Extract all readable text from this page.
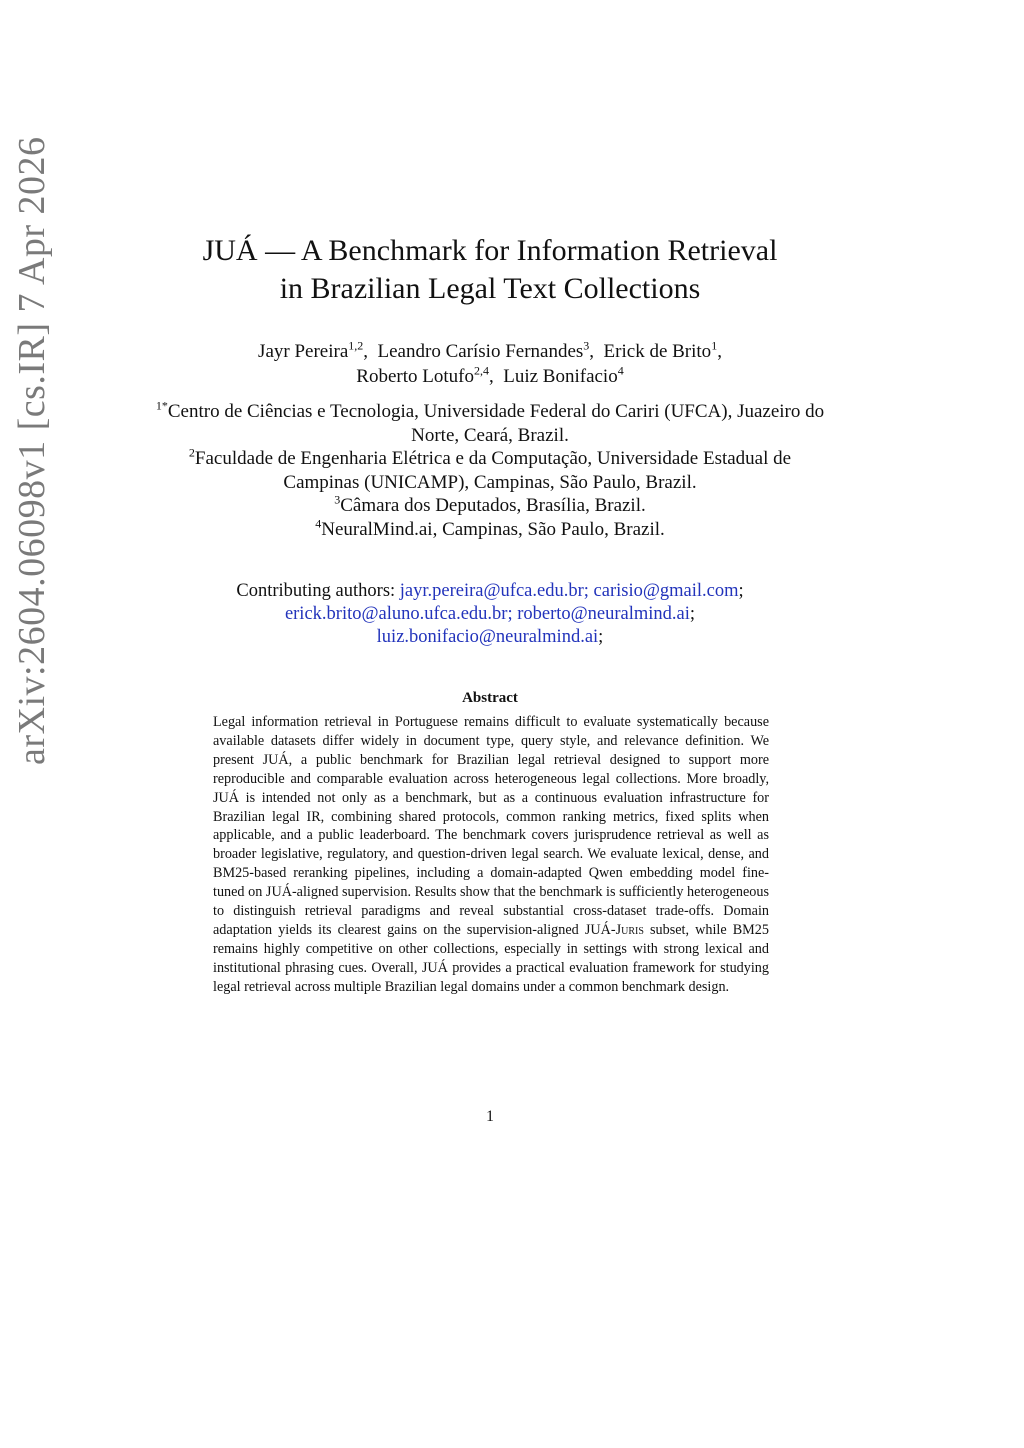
arXiv:2604.06098v1 [cs.IR] 7 Apr 2026	JUÁ — A Benchmark for Information Retrieval
in Brazilian Legal Text Collections
Jayr Pereira$^{1,2}$,  Leandro Carísio Fernandes$^3$,  Erick de Brito$^1$,
Roberto Lotufo$^{2,4}$,  Luiz Bonifacio$^4$
$^{1*}$Centro de Ciências e Tecnologia, Universidade Federal do Cariri (UFCA), Juazeiro do Norte, Ceará, Brazil.
$^2$Faculdade de Engenharia Elétrica e da Computação, Universidade Estadual de Campinas (UNICAMP), Campinas, São Paulo, Brazil.
$^3$Câmara dos Deputados, Brasília, Brazil.
$^4$NeuralMind.ai, Campinas, São Paulo, Brazil.
Contributing authors: jayr.pereira@ufca.edu.br; carisio@gmail.com;
erick.brito@aluno.ufca.edu.br; roberto@neuralmind.ai;
luiz.bonifacio@neuralmind.ai;
Abstract
Legal information retrieval in Portuguese remains difficult to evaluate systematically because available datasets differ widely in document type, query style, and relevance definition. We present JUÁ, a public benchmark for Brazilian legal retrieval designed to support more reproducible and comparable evaluation across heterogeneous legal collections. More broadly, JUÁ is intended not only as a benchmark, but as a continuous evaluation infrastructure for Brazilian legal IR, combining shared protocols, common ranking metrics, fixed splits when applicable, and a public leaderboard. The benchmark covers jurisprudence retrieval as well as broader legislative, regulatory, and question-driven legal search. We evaluate lexical, dense, and BM25-based reranking pipelines, including a domain-adapted Qwen embedding model fine-tuned on JUÁ-aligned supervision. Results show that the benchmark is sufficiently heterogeneous to distinguish retrieval paradigms and reveal substantial cross-dataset trade-offs. Domain adaptation yields its clearest gains on the supervision-aligned JUÁ-Juris subset, while BM25 remains highly competitive on other collections, especially in settings with strong lexical and institutional phrasing cues. Overall, JUÁ provides a practical evaluation framework for studying legal retrieval across multiple Brazilian legal domains under a common benchmark design.
1
